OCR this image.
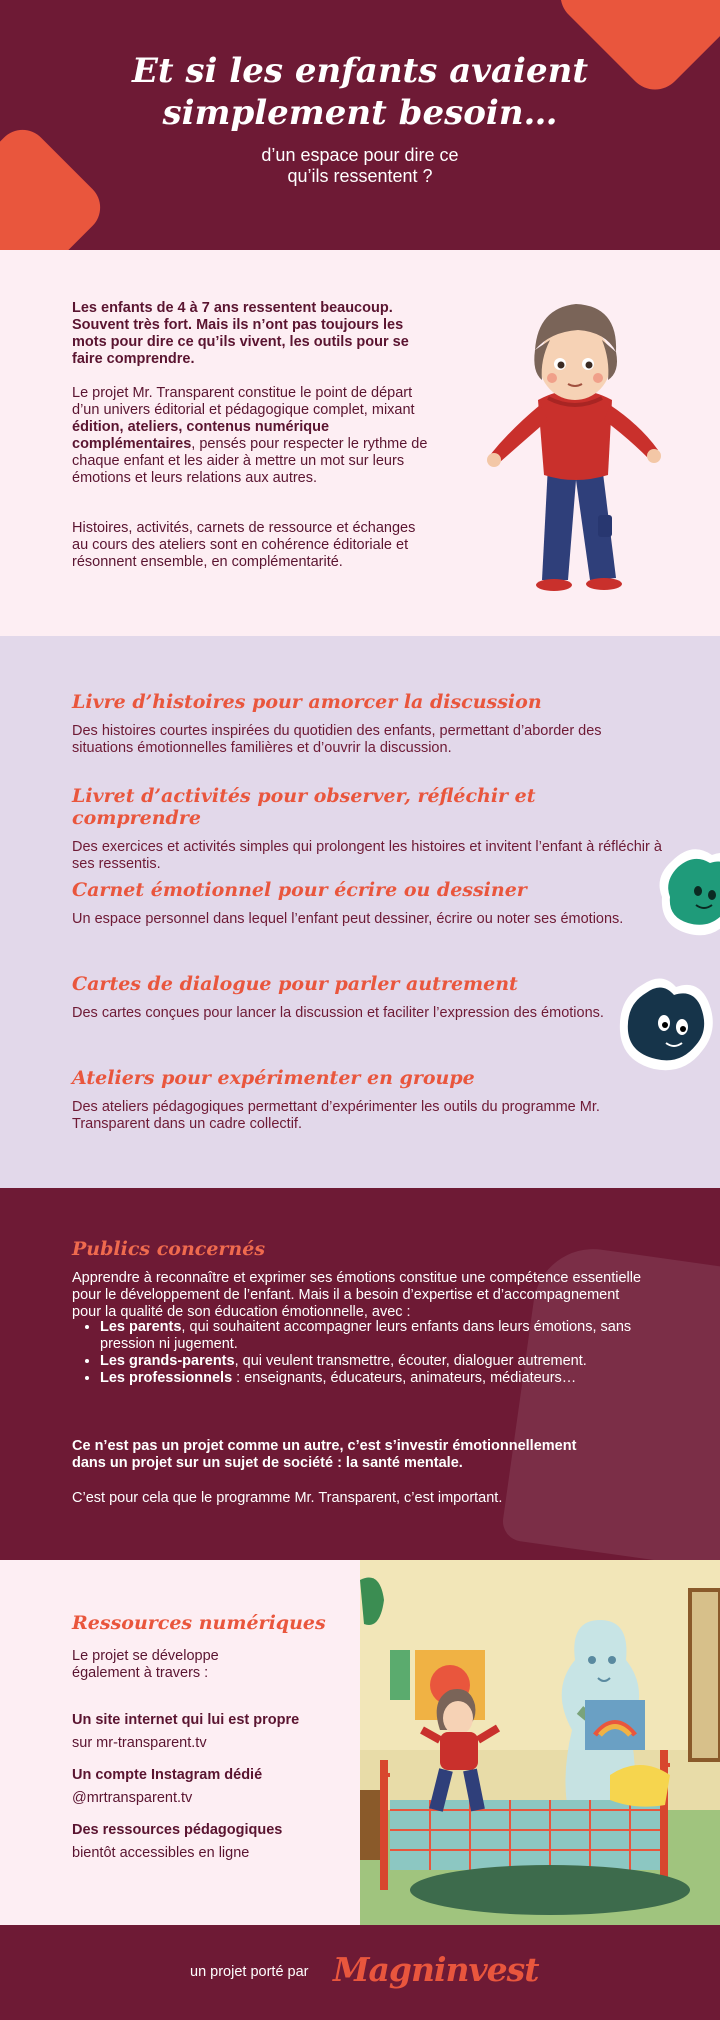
Et si les enfants avaient
simplement besoin…
d’un espace pour dire ce
qu’ils ressentent ?

Les enfants de 4 à 7 ans ressentent beaucoup. Souvent très fort. Mais ils n’ont pas toujours les mots pour dire ce qu’ils vivent, les outils pour se faire comprendre.

Le projet Mr. Transparent constitue le point de départ d’un univers éditorial et pédagogique complet, mixant édition, ateliers, contenus numérique complémentaires, pensés pour respecter le rythme de chaque enfant et les aider à mettre un mot sur leurs émotions et leurs relations aux autres.

Histoires, activités, carnets de ressource et échanges au cours des ateliers sont en cohérence éditoriale et résonnent ensemble, en complémentarité.

Livre d’histoires pour amorcer la discussion
Des histoires courtes inspirées du quotidien des enfants, permettant d’aborder des situations émotionnelles familières et d’ouvrir la discussion.
Livret d’activités pour observer, réfléchir et comprendre
Des exercices et activités simples qui prolongent les histoires et invitent l’enfant à réfléchir à ses ressentis.
Carnet émotionnel pour écrire ou dessiner
Un espace personnel dans lequel l’enfant peut dessiner, écrire ou noter ses émotions.
Cartes de dialogue pour parler autrement
Des cartes conçues pour lancer la discussion et faciliter l’expression des émotions.
Ateliers pour expérimenter en groupe
Des ateliers pédagogiques permettant d’expérimenter les outils du programme Mr. Transparent dans un cadre collectif.
Publics concernés
Apprendre à reconnaître et exprimer ses émotions constitue une compétence essentielle pour le développement de l’enfant. Mais il a besoin d’expertise et d’accompagnement pour la qualité de son éducation émotionnelle, avec :
• Les parents, qui souhaitent accompagner leurs enfants dans leurs émotions, sans pression ni jugement.
• Les grands-parents, qui veulent transmettre, écouter, dialoguer autrement.
• Les professionnels : enseignants, éducateurs, animateurs, médiateurs…
Ce n’est pas un projet comme un autre, c’est s’investir émotionnellement dans un projet sur un sujet de société : la santé mentale.
C’est pour cela que le programme Mr. Transparent, c’est important.
Ressources numériques
Le projet se développe
également à travers :
Un site internet qui lui est propre
sur mr-transparent.tv
Un compte Instagram dédié
@mrtransparent.tv
Des ressources pédagogiques
bientôt accessibles en ligne
un projet porté par Magninvest
